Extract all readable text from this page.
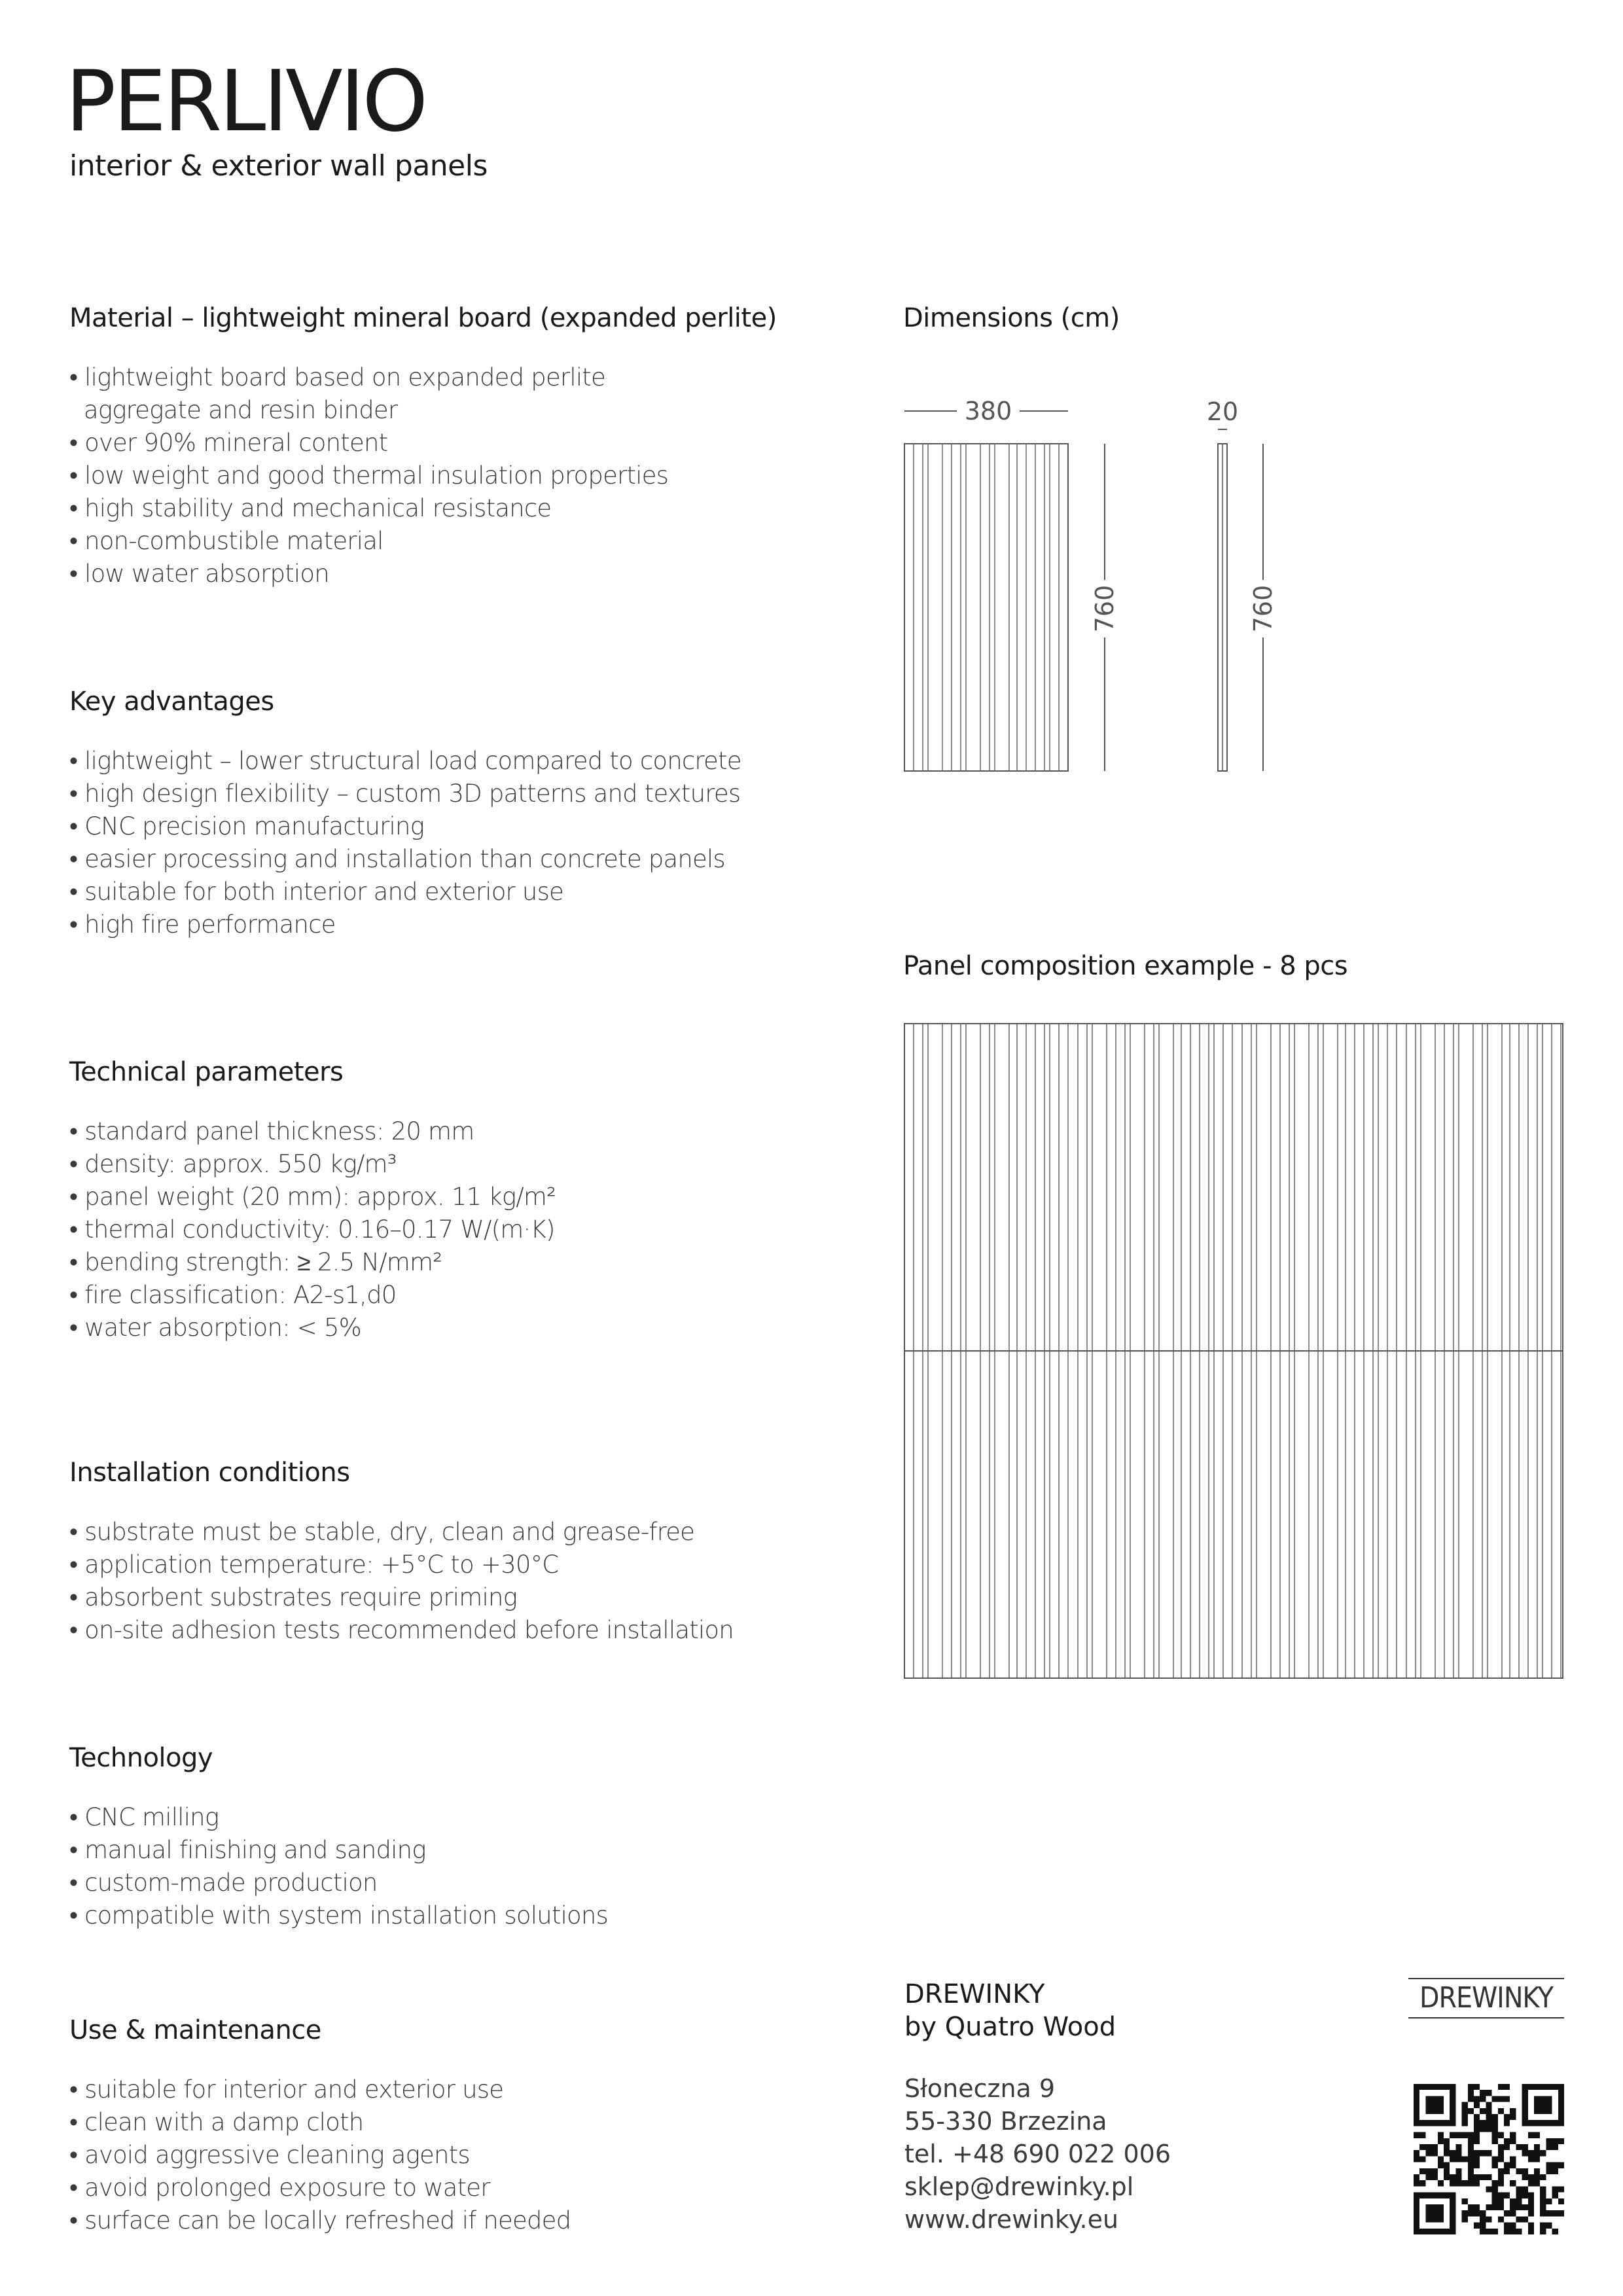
PERLIVIO
interior & exterior wall panels
Material – lightweight mineral board (expanded perlite)
• lightweight board based on expanded perlite
aggregate and resin binder
• over 90% mineral content
• low weight and good thermal insulation properties
• high stability and mechanical resistance
• non-combustible material
• low water absorption
Key advantages
• lightweight – lower structural load compared to concrete
• high design flexibility – custom 3D patterns and textures
• CNC precision manufacturing
• easier processing and installation than concrete panels
• suitable for both interior and exterior use
• high fire performance
Technical parameters
• standard panel thickness: 20 mm
• density: approx. 550 kg/m³
• panel weight (20 mm): approx. 11 kg/m²
• thermal conductivity: 0.16–0.17 W/(m·K)
• bending strength: ≥ 2.5 N/mm²
• fire classification: A2-s1,d0
• water absorption: < 5%
Installation conditions
• substrate must be stable, dry, clean and grease-free
• application temperature: +5°C to +30°C
• absorbent substrates require priming
• on-site adhesion tests recommended before installation
Technology
• CNC milling
• manual finishing and sanding
• custom-made production
• compatible with system installation solutions
Use & maintenance
• suitable for interior and exterior use
• clean with a damp cloth
• avoid aggressive cleaning agents
• avoid prolonged exposure to water
• surface can be locally refreshed if needed
Dimensions (cm)
380
760
20
760
Panel composition example - 8 pcs
DREWINKY
by Quatro Wood
Słoneczna 9
55-330 Brzezina
tel. +48 690 022 006
sklep@drewinky.pl
www.drewinky.eu
DREWINKY
